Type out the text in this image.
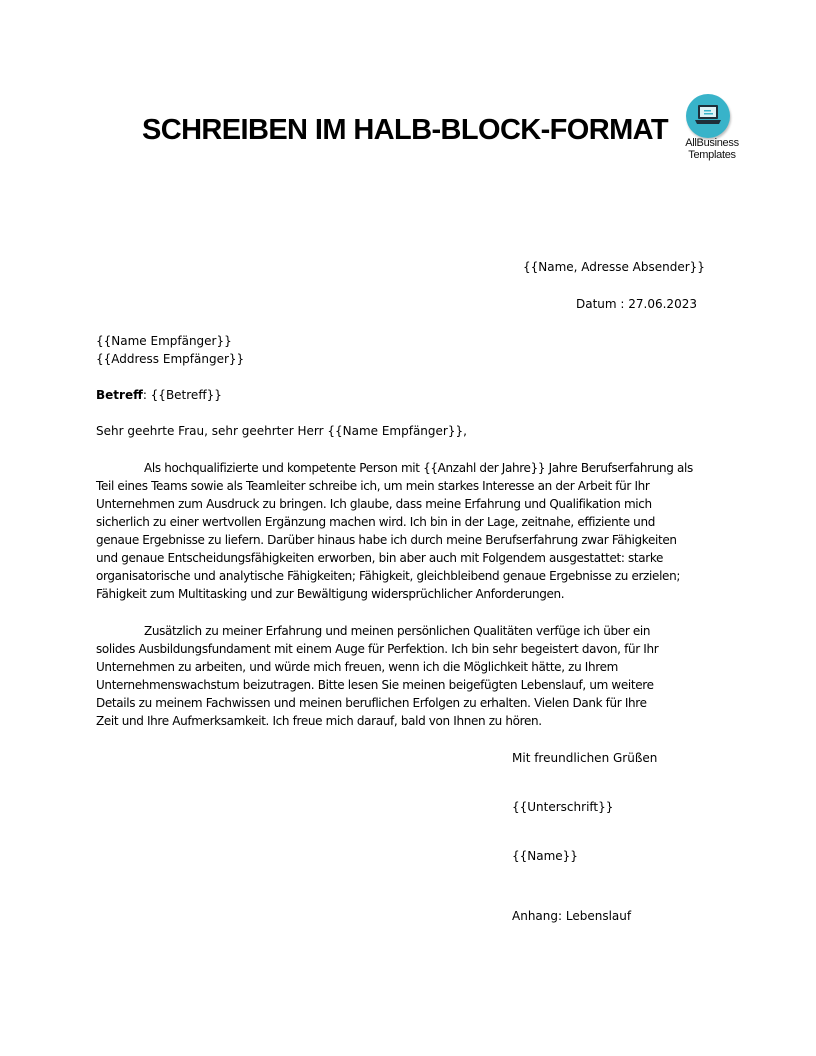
SCHREIBEN IM HALB-BLOCK-FORMAT	AllBusiness
Templates
{{Name, Adresse Absender}}
Datum : 27.06.2023
{{Name Empfänger}}
{{Address Empfänger}}
Betreff: {{Betreff}}
Sehr geehrte Frau, sehr geehrter Herr {{Name Empfänger}},
Als hochqualifizierte und kompetente Person mit {{Anzahl der Jahre}} Jahre Berufserfahrung als
Teil eines Teams sowie als Teamleiter schreibe ich, um mein starkes Interesse an der Arbeit für Ihr
Unternehmen zum Ausdruck zu bringen. Ich glaube, dass meine Erfahrung und Qualifikation mich
sicherlich zu einer wertvollen Ergänzung machen wird. Ich bin in der Lage, zeitnahe, effiziente und
genaue Ergebnisse zu liefern. Darüber hinaus habe ich durch meine Berufserfahrung zwar Fähigkeiten
und genaue Entscheidungsfähigkeiten erworben, bin aber auch mit Folgendem ausgestattet: starke
organisatorische und analytische Fähigkeiten; Fähigkeit, gleichbleibend genaue Ergebnisse zu erzielen;
Fähigkeit zum Multitasking und zur Bewältigung widersprüchlicher Anforderungen.
Zusätzlich zu meiner Erfahrung und meinen persönlichen Qualitäten verfüge ich über ein
solides Ausbildungsfundament mit einem Auge für Perfektion. Ich bin sehr begeistert davon, für Ihr
Unternehmen zu arbeiten, und würde mich freuen, wenn ich die Möglichkeit hätte, zu Ihrem
Unternehmenswachstum beizutragen. Bitte lesen Sie meinen beigefügten Lebenslauf, um weitere
Details zu meinem Fachwissen und meinen beruflichen Erfolgen zu erhalten. Vielen Dank für Ihre
Zeit und Ihre Aufmerksamkeit. Ich freue mich darauf, bald von Ihnen zu hören.
Mit freundlichen Grüßen
{{Unterschrift}}
{{Name}}
Anhang: Lebenslauf
